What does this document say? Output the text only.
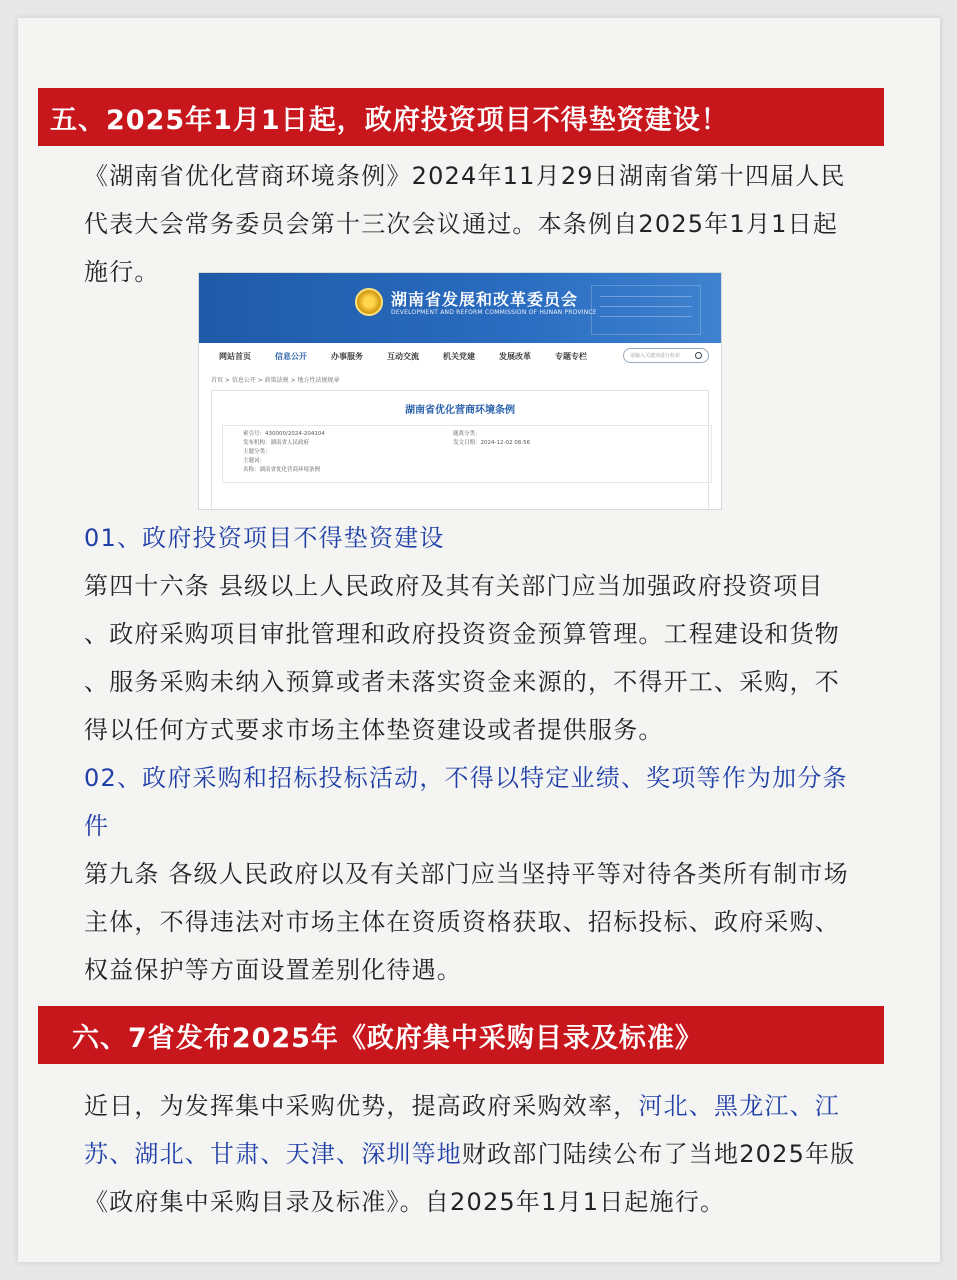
五、2025年1月1日起，政府投资项目不得垫资建设！
《湖南省优化营商环境条例》2024年11月29日湖南省第十四届人民
代表大会常务委员会第十三次会议通过。本条例自2025年1月1日起
施行。
湖南省发展和改革委员会
DEVELOPMENT AND REFORM COMMISSION OF HUNAN PROVINCE
网站首页	信息公开	办事服务	互动交流	机关党建	发展改革	专题专栏	请输入关键词进行检索
首页 > 信息公开 > 政策法规 > 地方性法规规章
湖南省优化营商环境条例
索引号：430000/2024-204104	题裁分类：
发布机构：湖南省人民政府	发文日期：2024-12-02 08:56
主题分类：
主题词：
名称：湖南省优化营商环境条例
01、政府投资项目不得垫资建设
第四十六条 县级以上人民政府及其有关部门应当加强政府投资项目
、政府采购项目审批管理和政府投资资金预算管理。工程建设和货物
、服务采购未纳入预算或者未落实资金来源的，不得开工、采购，不
得以任何方式要求市场主体垫资建设或者提供服务。
02、政府采购和招标投标活动，不得以特定业绩、奖项等作为加分条
件
第九条 各级人民政府以及有关部门应当坚持平等对待各类所有制市场
主体，不得违法对市场主体在资质资格获取、招标投标、政府采购、
权益保护等方面设置差别化待遇。
六、7省发布2025年《政府集中采购目录及标准》
近日，为发挥集中采购优势，提高政府采购效率，河北、黑龙江、江
苏、湖北、甘肃、天津、深圳等地财政部门陆续公布了当地2025年版
《政府集中采购目录及标准》。自2025年1月1日起施行。
